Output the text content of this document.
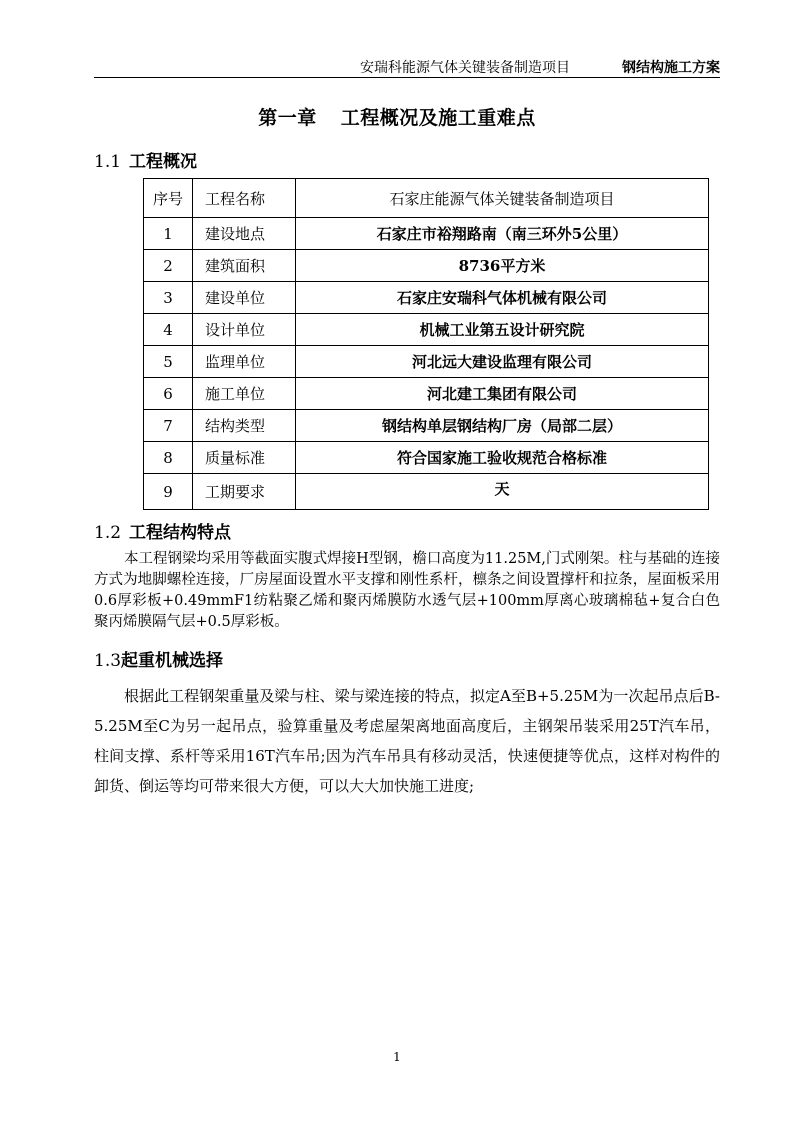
安瑞科能源气体关键装备制造项目	钢结构施工方案
第一章 工程概况及施工重难点
1.1 工程概况
序号	工程名称	石家庄能源气体关键装备制造项目
1	建设地点	石家庄市裕翔路南（南三环外5公里）
2	建筑面积	8736平方米
3	建设单位	石家庄安瑞科气体机械有限公司
4	设计单位	机械工业第五设计研究院
5	监理单位	河北远大建设监理有限公司
6	施工单位	河北建工集团有限公司
7	结构类型	钢结构单层钢结构厂房（局部二层）
8	质量标准	符合国家施工验收规范合格标准
9	工期要求	天
1.2 工程结构特点

本工程钢梁均采用等截面实腹式焊接H型钢，檐口高度为11.25M,门式刚架。柱与基础的连接方式为地脚螺栓连接，厂房屋面设置水平支撑和刚性系杆，檩条之间设置撑杆和拉条，屋面板采用0.6厚彩板+0.49mmF1纺粘聚乙烯和聚丙烯膜防水透气层+100mm厚离心玻璃棉毡+复合白色聚丙烯膜隔气层+0.5厚彩板。

1.3起重机械选择

根据此工程钢架重量及梁与柱、梁与梁连接的特点，拟定A至B+5.25M为一次起吊点后B-5.25M至C为另一起吊点，验算重量及考虑屋架离地面高度后，主钢架吊装采用25T汽车吊，柱间支撑、系杆等采用16T汽车吊;因为汽车吊具有移动灵活，快速便捷等优点，这样对构件的卸货、倒运等均可带来很大方便，可以大大加快施工进度;

1
